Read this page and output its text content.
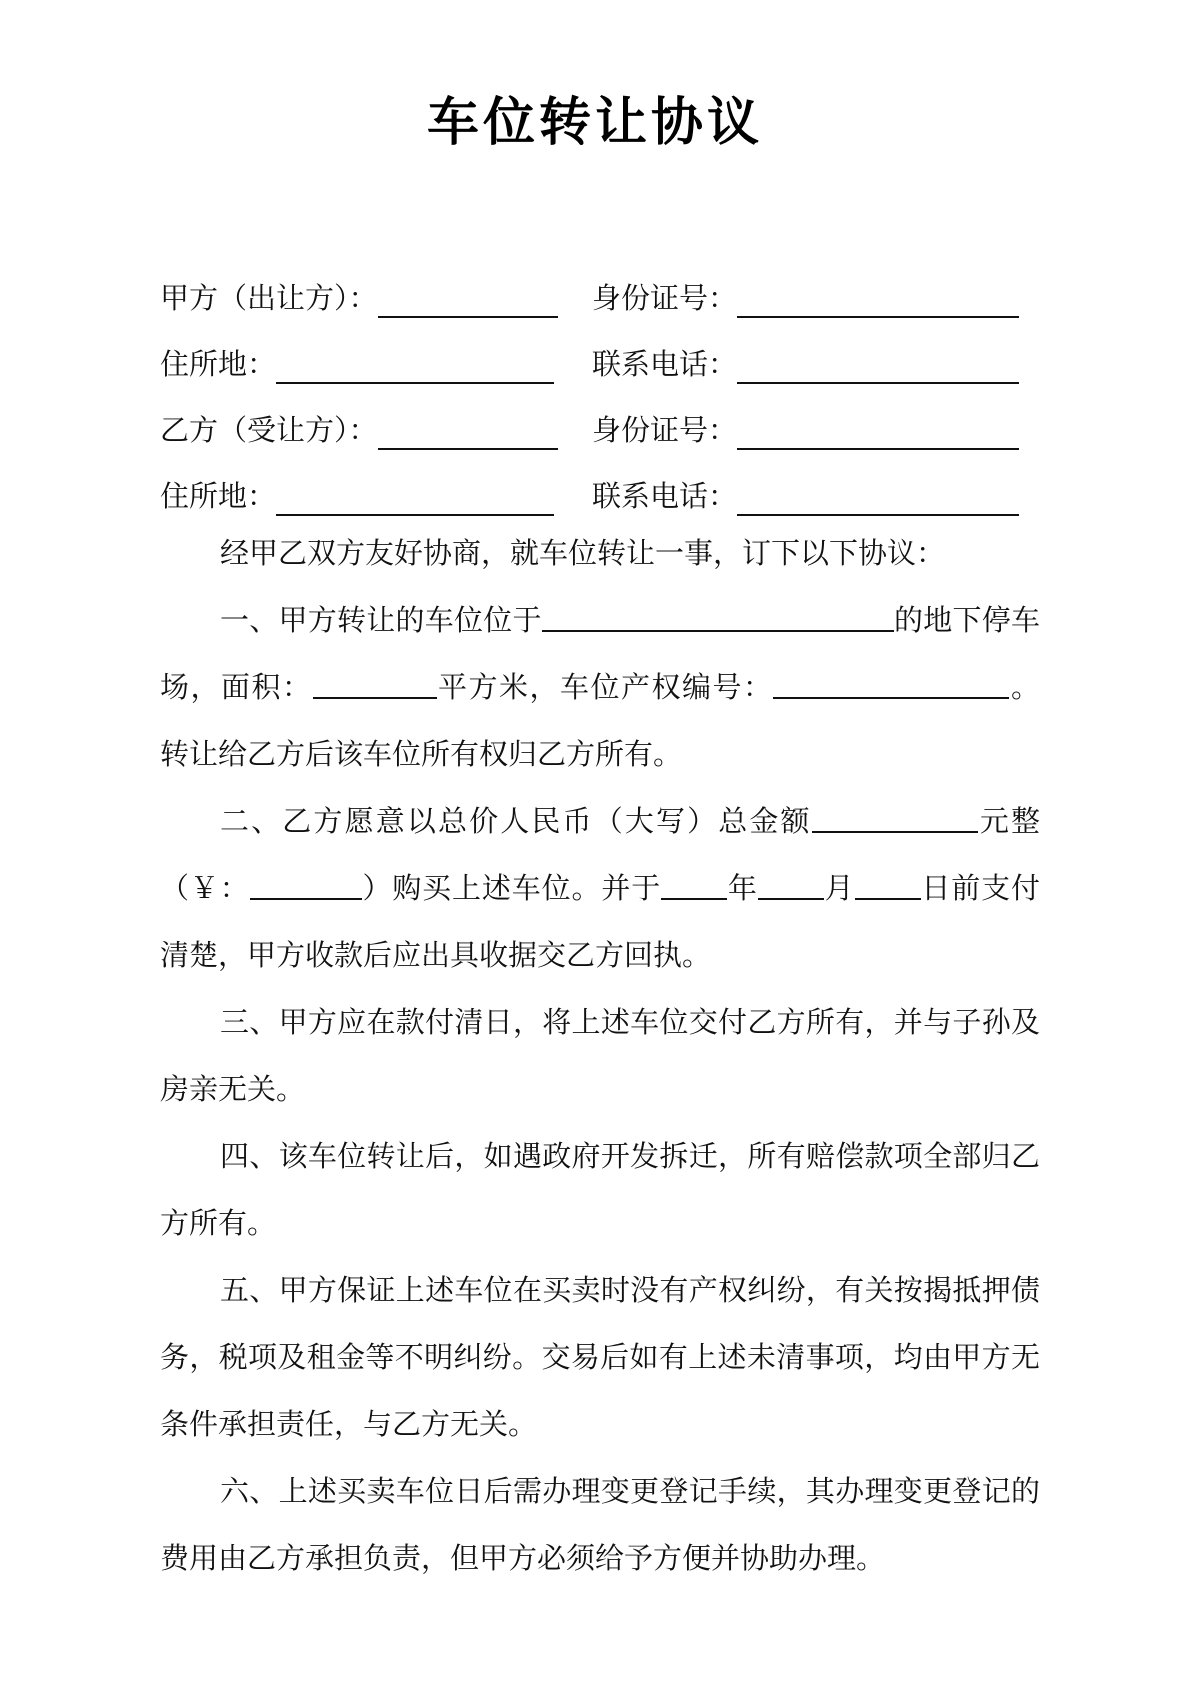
车位转让协议
甲方（出让方）：	身份证号：
住所地：	联系电话：
乙方（受让方）：	身份证号：
住所地：	联系电话：

经甲乙双方友好协商，就车位转让一事，订下以下协议：

一、甲方转让的车位位于	的地下停车场，面积：	平方米，车位产权编号：	。转让给乙方后该车位所有权归乙方所有。

二、乙方愿意以总价人民币（大写）总金额	元整（￥：	）购买上述车位。并于 年 月 日前支付清楚，甲方收款后应出具收据交乙方回执。

三、甲方应在款付清日，将上述车位交付乙方所有，并与子孙及房亲无关。

四、该车位转让后，如遇政府开发拆迁，所有赔偿款项全部归乙方所有。

五、甲方保证上述车位在买卖时没有产权纠纷，有关按揭抵押债务，税项及租金等不明纠纷。交易后如有上述未清事项，均由甲方无条件承担责任，与乙方无关。

六、上述买卖车位日后需办理变更登记手续，其办理变更登记的费用由乙方承担负责，但甲方必须给予方便并协助办理。
